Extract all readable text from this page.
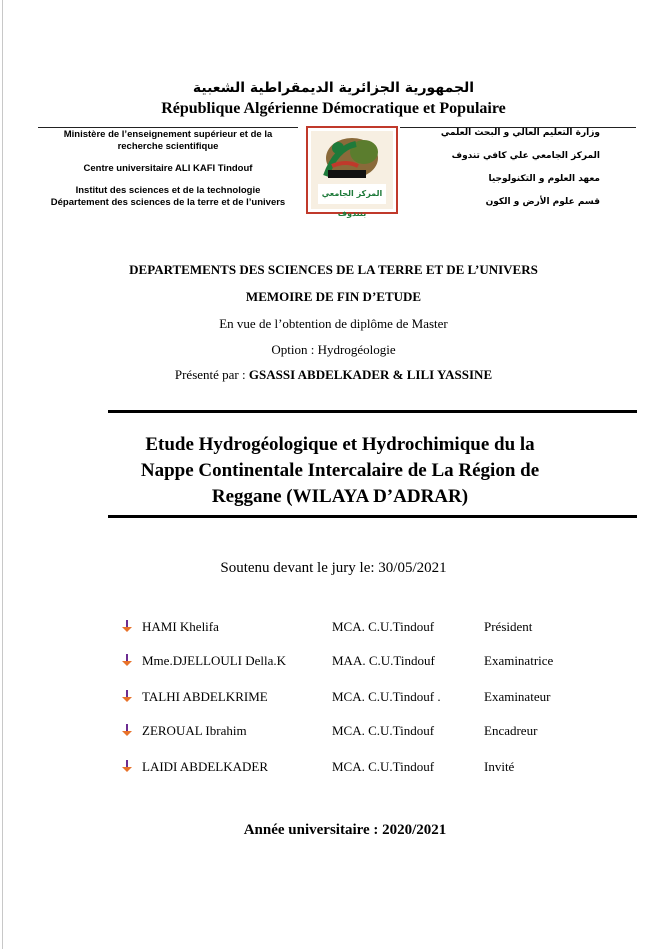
الجمهورية الجزائرية الديمقراطية الشعبية
République Algérienne Démocratique et Populaire
Ministère de l’enseignement supérieur et de la recherche scientifique
Centre universitaire ALI KAFI Tindouf
Institut des sciences et de la technologie
Département des sciences de la terre et de l’univers
المركز الجامعي بتندوف
وزارة التعليم العالي و البحث العلمي
المركز الجامعي علي كافي تندوف
معهد العلوم و التكنولوجيا
قسم علوم الأرض و الكون
DEPARTEMENTS DES SCIENCES DE LA TERRE ET DE L’UNIVERS
MEMOIRE DE FIN D’ETUDE
En vue de l’obtention de diplôme de Master
Option : Hydrogéologie
Présenté par : GSASSI ABDELKADER & LILI YASSINE
Etude Hydrogéologique et Hydrochimique du la
Nappe Continentale Intercalaire de La Région de
Reggane (WILAYA D’ADRAR)
Soutenu devant le jury le: 30/05/2021
HAMI Khelifa	MCA. C.U.Tindouf	Président
Mme.DJELLOULI Della.K	MAA. C.U.Tindouf	Examinatrice
TALHI ABDELKRIME	MCA. C.U.Tindouf .	Examinateur
ZEROUAL Ibrahim	MCA. C.U.Tindouf	Encadreur
LAIDI ABDELKADER	MCA. C.U.Tindouf	Invité
Année universitaire : 2020/2021
